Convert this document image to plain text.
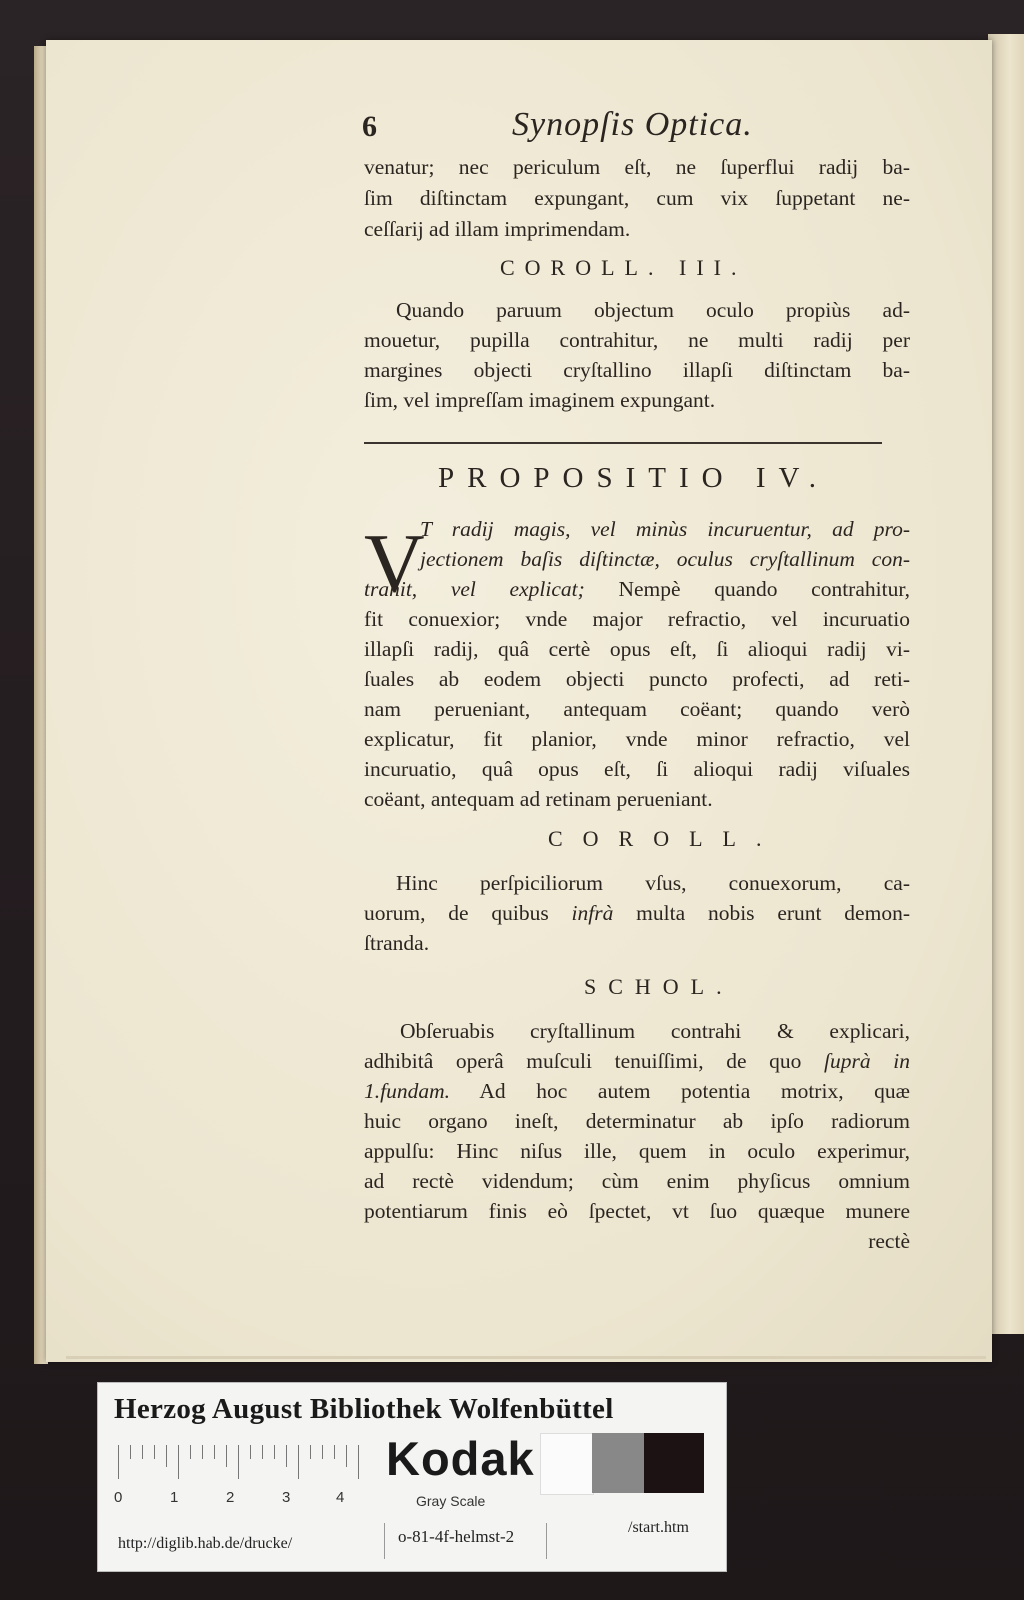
6	Synopſis Optica.
venatur; nec periculum eſt, ne ſuperflui radij ba-
ſim diſtinctam expungant, cum vix ſuppetant ne-
ceſſarij ad illam imprimendam.
COROLL. III.
Quando paruum objectum oculo propiùs ad-
mouetur, pupilla contrahitur, ne multi radij per
margines objecti cryſtallino illapſi diſtinctam ba-
ſim, vel impreſſam imaginem expungant.
PROPOSITIO IV.
V
T radij magis, vel minùs incuruentur, ad pro-
jectionem baſis diſtinctæ, oculus cryſtallinum con-
trahit, vel explicat; Nempè quando contrahitur,
fit conuexior; vnde major refractio, vel incuruatio
illapſi radij, quâ certè opus eſt, ſi alioqui radij vi-
ſuales ab eodem objecti puncto profecti, ad reti-
nam perueniant, antequam coëant; quando verò
explicatur, fit planior, vnde minor refractio, vel
incuruatio, quâ opus eſt, ſi alioqui radij viſuales
coëant, antequam ad retinam perueniant.
COROLL.
Hinc perſpiciliorum vſus, conuexorum, ca-
uorum, de quibus infrà multa nobis erunt demon-
ſtranda.
SCHOL.
Obſeruabis cryſtallinum contrahi & explicari,
adhibitâ operâ muſculi tenuiſſimi, de quo ſuprà in
1.fundam. Ad hoc autem potentia motrix, quæ
huic organo ineſt, determinatur ab ipſo radiorum
appulſu: Hinc niſus ille, quem in oculo experimur,
ad rectè videndum; cùm enim phyſicus omnium
potentiarum finis eò ſpectet, vt ſuo quæque munere
rectè
Herzog August Bibliothek Wolfenbüttel
0	1	2	3	4
Kodak
Gray Scale
http://diglib.hab.de/drucke/	o-81-4f-helmst-2	/start.htm
